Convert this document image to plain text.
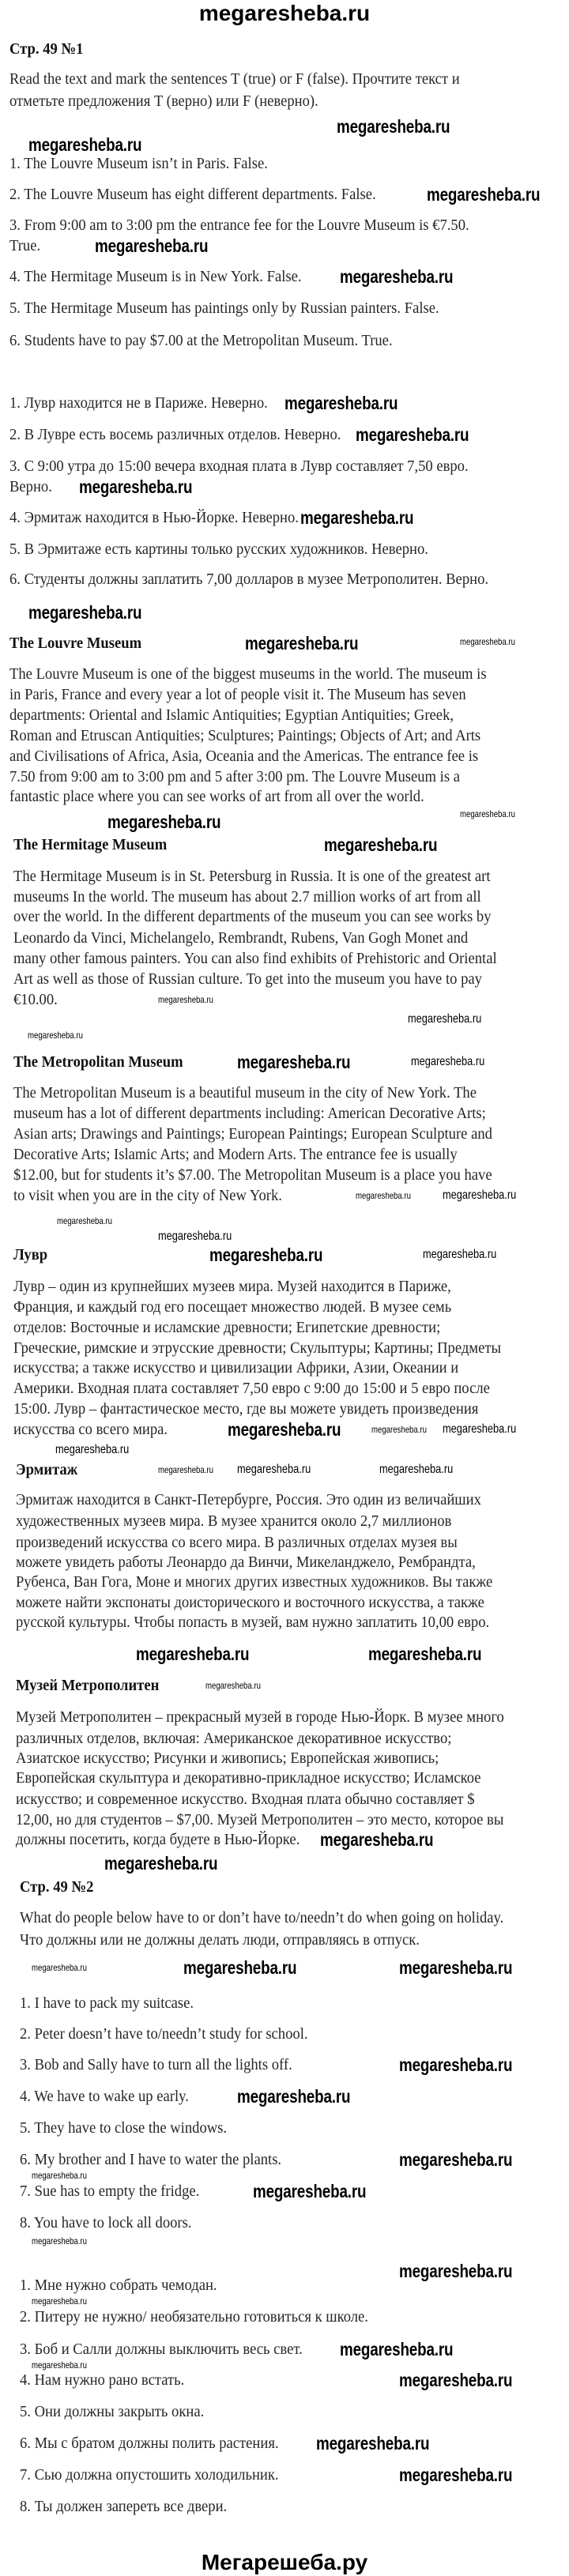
megaresheba.ru
Стр. 49 №1
Read the text and mark the sentences T (true) or F (false). Прочтите текст и
отметьте предложения T (верно) или F (неверно).
1. The Louvre Museum isn’t in Paris. False.
2. The Louvre Museum has eight different departments. False.
3. From 9:00 am to 3:00 pm the entrance fee for the Louvre Museum is €7.50.
True.
4. The Hermitage Museum is in New York. False.
5. The Hermitage Museum has paintings only by Russian painters. False.
6. Students have to pay $7.00 at the Metropolitan Museum. True.
1. Лувр находится не в Париже. Неверно.
2. В Лувре есть восемь различных отделов. Неверно.
3. С 9:00 утра до 15:00 вечера входная плата в Лувр составляет 7,50 евро.
Верно.
4. Эрмитаж находится в Нью-Йорке. Неверно.
5. В Эрмитаже есть картины только русских художников. Неверно.
6. Студенты должны заплатить 7,00 долларов в музее Метрополитен. Верно.
The Louvre Museum
The Louvre Museum is one of the biggest museums in the world. The museum is
in Paris, France and every year a lot of people visit it. The Museum has seven
departments: Oriental and Islamic Antiquities; Egyptian Antiquities; Greek,
Roman and Etruscan Antiquities; Sculptures; Paintings; Objects of Art; and Arts
and Civilisations of Africa, Asia, Oceania and the Americas. The entrance fee is
7.50 from 9:00 am to 3:00 pm and 5 after 3:00 pm. The Louvre Museum is a
fantastic place where you can see works of art from all over the world.
The Hermitage Museum
The Hermitage Museum is in St. Petersburg in Russia. It is one of the greatest art
museums In the world. The museum has about 2.7 million works of art from all
over the world. In the different departments of the museum you can see works by
Leonardo da Vinci, Michelangelo, Rembrandt, Rubens, Van Gogh Monet and
many other famous painters. You can also find exhibits of Prehistoric and Oriental
Art as well as those of Russian culture. To get into the museum you have to pay
€10.00.
The Metropolitan Museum
The Metropolitan Museum is a beautiful museum in the city of New York. The
museum has a lot of different departments including: American Decorative Arts;
Asian arts; Drawings and Paintings; European Paintings; European Sculpture and
Decorative Arts; Islamic Arts; and Modern Arts. The entrance fee is usually
$12.00, but for students it’s $7.00. The Metropolitan Museum is a place you have
to visit when you are in the city of New York.
Лувр
Лувр – один из крупнейших музеев мира. Музей находится в Париже,
Франция, и каждый год его посещает множество людей. В музее семь
отделов: Восточные и исламские древности; Египетские древности;
Греческие, римские и этрусские древности; Скульптуры; Картины; Предметы
искусства; а также искусство и цивилизации Африки, Азии, Океании и
Америки. Входная плата составляет 7,50 евро с 9:00 до 15:00 и 5 евро после
15:00. Лувр – фантастическое место, где вы можете увидеть произведения
искусства со всего мира.
Эрмитаж
Эрмитаж находится в Санкт-Петербурге, Россия. Это один из величайших
художественных музеев мира. В музее хранится около 2,7 миллионов
произведений искусства со всего мира. В различных отделах музея вы
можете увидеть работы Леонардо да Винчи, Микеланджело, Рембрандта,
Рубенса, Ван Гога, Моне и многих других известных художников. Вы также
можете найти экспонаты доисторического и восточного искусства, а также
русской культуры. Чтобы попасть в музей, вам нужно заплатить 10,00 евро.
Музей Метрополитен
Музей Метрополитен – прекрасный музей в городе Нью-Йорк. В музее много
различных отделов, включая: Американское декоративное искусство;
Азиатское искусство; Рисунки и живопись; Европейская живопись;
Европейская скульптура и декоративно-прикладное искусство; Исламское
искусство; и современное искусство. Входная плата обычно составляет $
12,00, но для студентов – $7,00. Музей Метрополитен – это место, которое вы
должны посетить, когда будете в Нью-Йорке.
Стр. 49 №2
What do people below have to or don’t have to/needn’t do when going on holiday.
Что должны или не должны делать люди, отправляясь в отпуск.
1. I have to pack my suitcase.
2. Peter doesn’t have to/needn’t study for school.
3. Bob and Sally have to turn all the lights off.
4. We have to wake up early.
5. They have to close the windows.
6. My brother and I have to water the plants.
7. Sue has to empty the fridge.
8. You have to lock all doors.
1. Мне нужно собрать чемодан.
2. Питеру не нужно/ необязательно готовиться к школе.
3. Боб и Салли должны выключить весь свет.
4. Нам нужно рано встать.
5. Они должны закрыть окна.
6. Мы с братом должны полить растения.
7. Сью должна опустошить холодильник.
8. Ты должен запереть все двери.
megaresheba.ru
megaresheba.ru
megaresheba.ru
megaresheba.ru
megaresheba.ru
megaresheba.ru
megaresheba.ru
megaresheba.ru
megaresheba.ru
megaresheba.ru
megaresheba.ru
megaresheba.ru
megaresheba.ru
megaresheba.ru
megaresheba.ru
megaresheba.ru
megaresheba.ru
megaresheba.ru
megaresheba.ru	megaresheba.ru
megaresheba.ru	megaresheba.ru
megaresheba.ru
megaresheba.ru
megaresheba.ru
megaresheba.ru
megaresheba.ru megaresheba.ru
megaresheba.ru
megaresheba.ru
megaresheba.ru megaresheba.ru	megaresheba.ru
megaresheba.ru	megaresheba.ru
megaresheba.ru
megaresheba.ru
megaresheba.ru
megaresheba.ru	megaresheba.ru	megaresheba.ru
megaresheba.ru
megaresheba.ru
megaresheba.ru
megaresheba.ru
megaresheba.ru
megaresheba.ru
megaresheba.ru
megaresheba.ru
megaresheba.ru
megaresheba.ru
megaresheba.ru
megaresheba.ru
megaresheba.ru
Мегарешеба.ру
